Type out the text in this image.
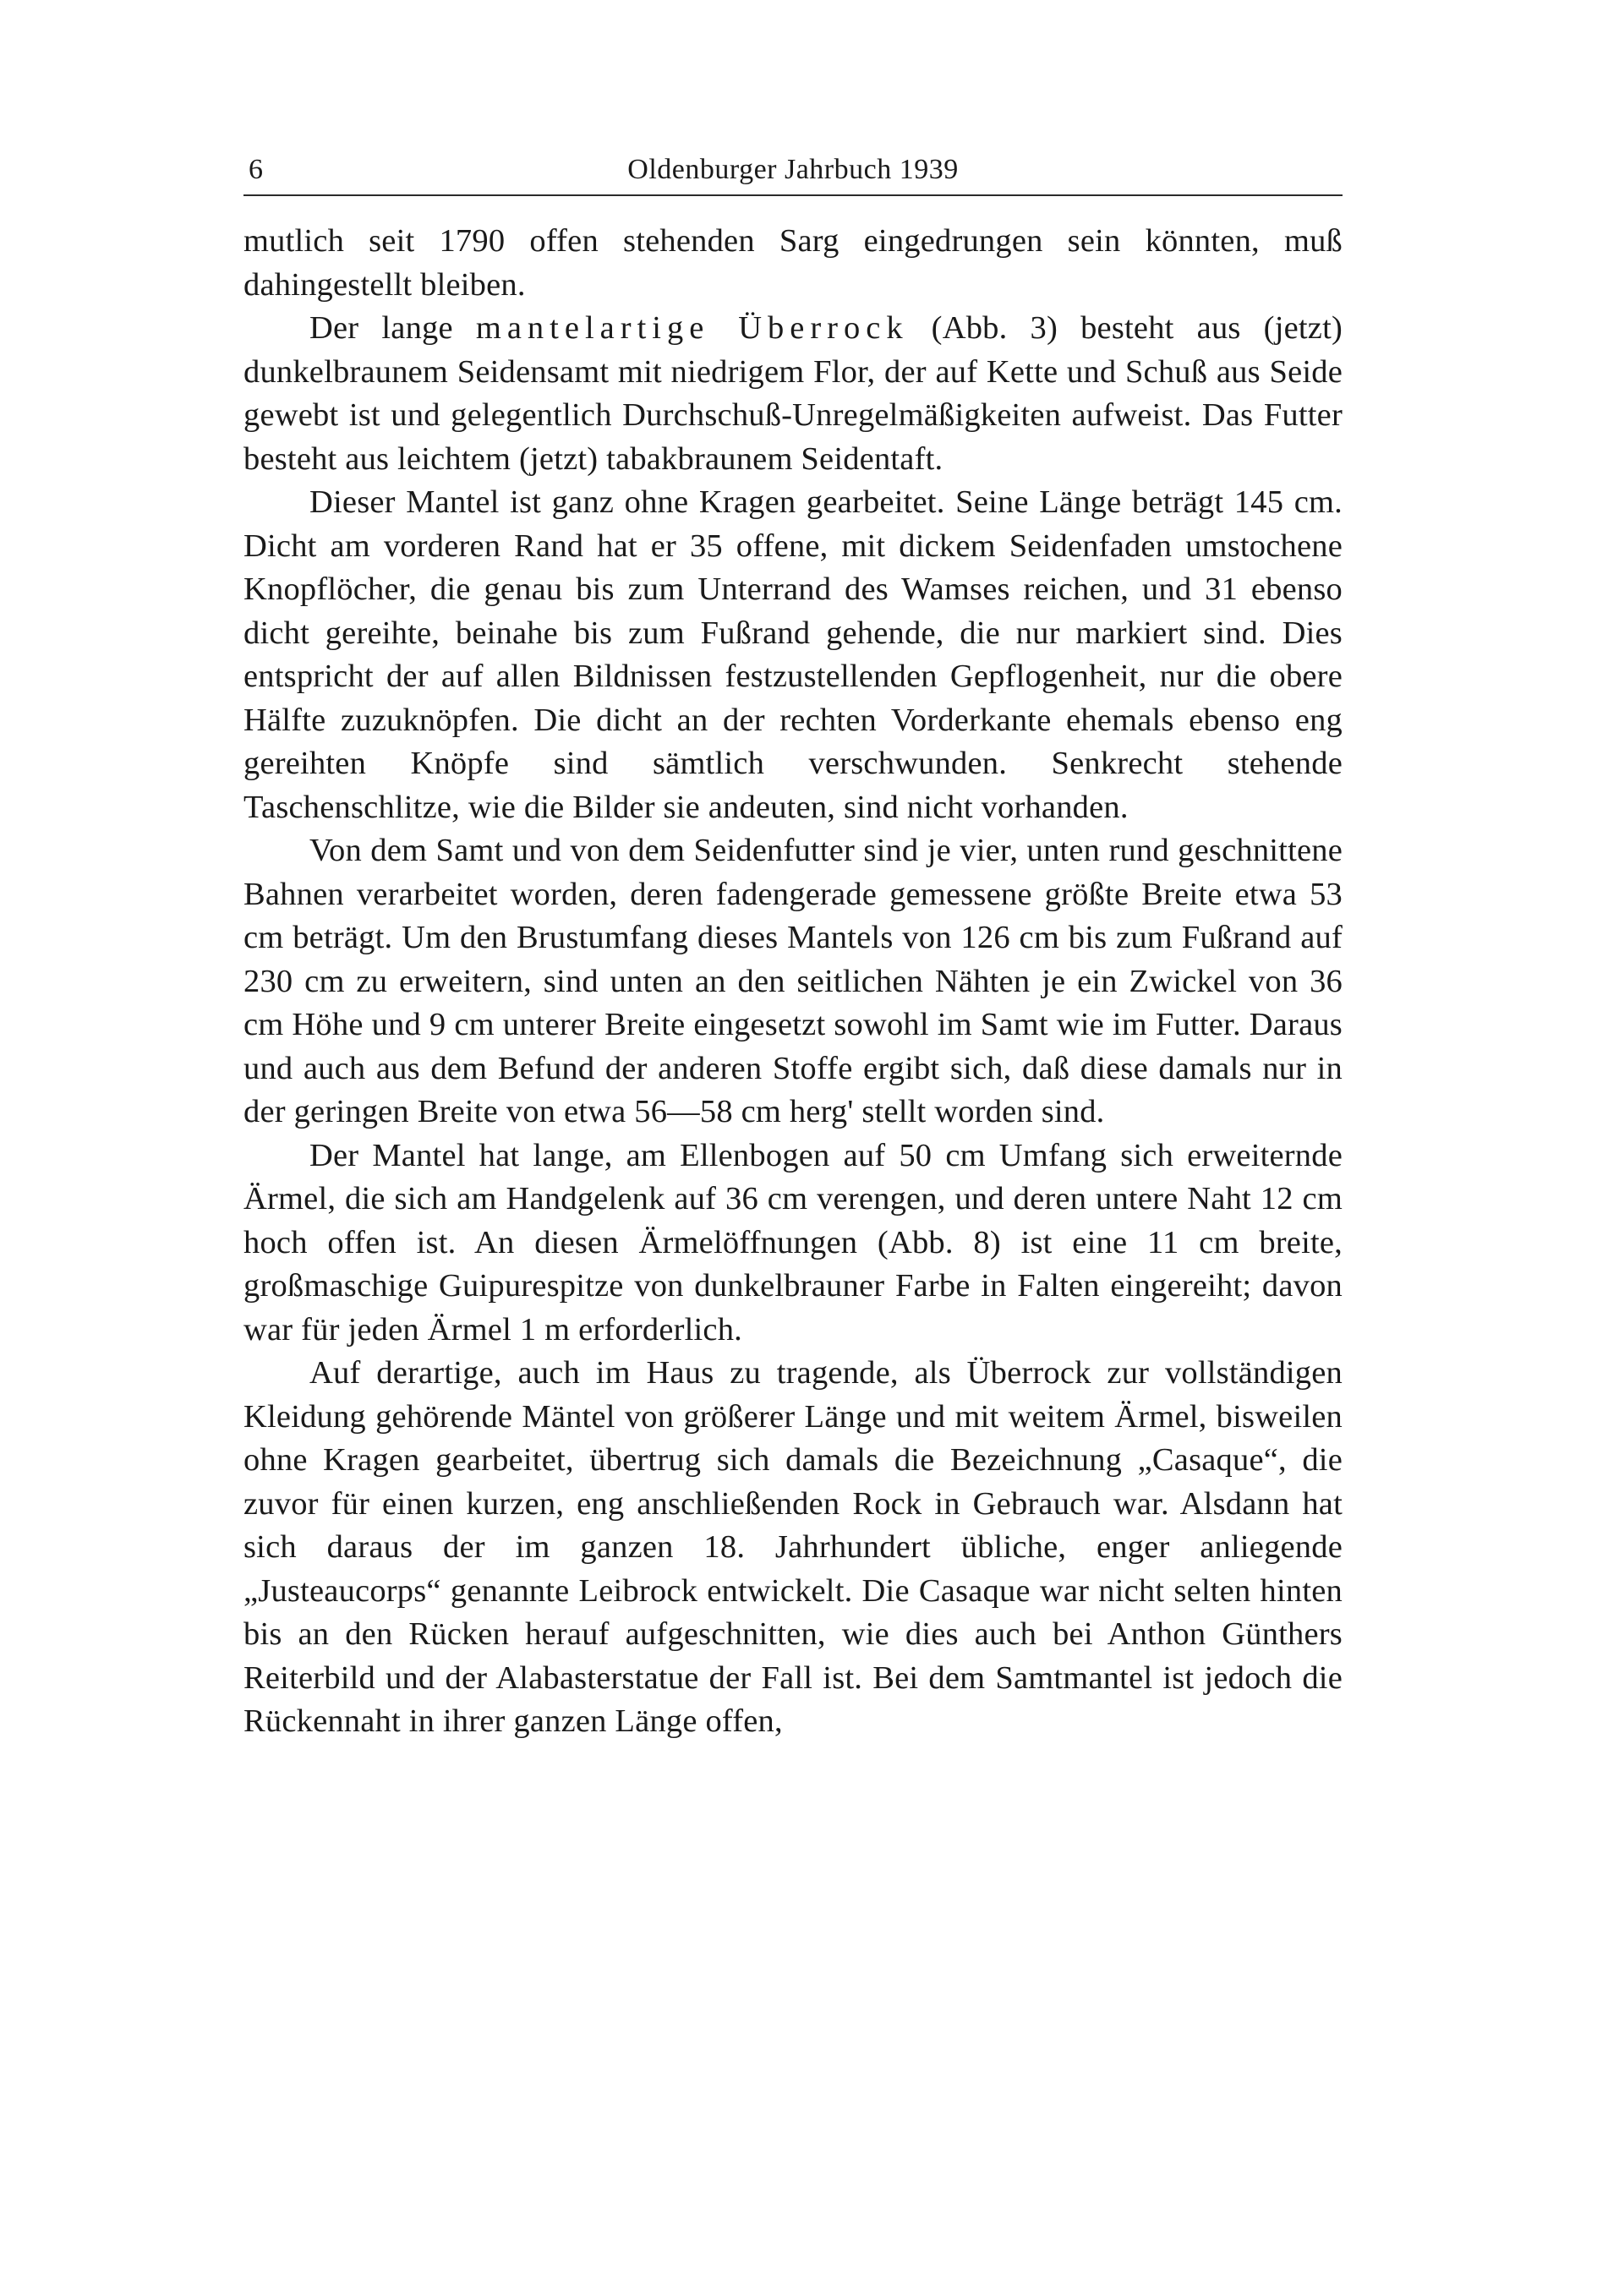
6	Oldenburger Jahrbuch 1939

mutlich seit 1790 offen stehenden Sarg eingedrungen sein könnten, muß dahingestellt bleiben.

Der lange mantelartige Überrock (Abb. 3) besteht aus (jetzt) dunkelbraunem Seidensamt mit niedrigem Flor, der auf Kette und Schuß aus Seide gewebt ist und gelegentlich Durchschuß-Unregelmäßigkeiten aufweist. Das Futter besteht aus leichtem (jetzt) tabakbraunem Seidentaft.

Dieser Mantel ist ganz ohne Kragen gearbeitet. Seine Länge beträgt 145 cm. Dicht am vorderen Rand hat er 35 offene, mit dickem Seidenfaden umstochene Knopflöcher, die genau bis zum Unterrand des Wamses reichen, und 31 ebenso dicht gereihte, beinahe bis zum Fußrand gehende, die nur markiert sind. Dies entspricht der auf allen Bildnissen festzustellenden Gepflogenheit, nur die obere Hälfte zuzuknöpfen. Die dicht an der rechten Vorderkante ehemals ebenso eng gereihten Knöpfe sind sämtlich verschwunden. Senkrecht stehende Taschenschlitze, wie die Bilder sie andeuten, sind nicht vorhanden.

Von dem Samt und von dem Seidenfutter sind je vier, unten rund geschnittene Bahnen verarbeitet worden, deren fadengerade gemessene größte Breite etwa 53 cm beträgt. Um den Brustumfang dieses Mantels von 126 cm bis zum Fußrand auf 230 cm zu erweitern, sind unten an den seitlichen Nähten je ein Zwickel von 36 cm Höhe und 9 cm unterer Breite eingesetzt sowohl im Samt wie im Futter. Daraus und auch aus dem Befund der anderen Stoffe ergibt sich, daß diese damals nur in der geringen Breite von etwa 56—58 cm herg' stellt worden sind.

Der Mantel hat lange, am Ellenbogen auf 50 cm Umfang sich erweiternde Ärmel, die sich am Handgelenk auf 36 cm verengen, und deren untere Naht 12 cm hoch offen ist. An diesen Ärmelöffnungen (Abb. 8) ist eine 11 cm breite, großmaschige Guipurespitze von dunkelbrauner Farbe in Falten eingereiht; davon war für jeden Ärmel 1 m erforderlich.

Auf derartige, auch im Haus zu tragende, als Überrock zur vollständigen Kleidung gehörende Mäntel von größerer Länge und mit weitem Ärmel, bisweilen ohne Kragen gearbeitet, übertrug sich damals die Bezeichnung „Casaque“, die zuvor für einen kurzen, eng anschließenden Rock in Gebrauch war. Alsdann hat sich daraus der im ganzen 18. Jahrhundert übliche, enger anliegende „Justeaucorps“ genannte Leibrock entwickelt. Die Casaque war nicht selten hinten bis an den Rücken herauf aufgeschnitten, wie dies auch bei Anthon Günthers Reiterbild und der Alabasterstatue der Fall ist. Bei dem Samtmantel ist jedoch die Rückennaht in ihrer ganzen Länge offen,
